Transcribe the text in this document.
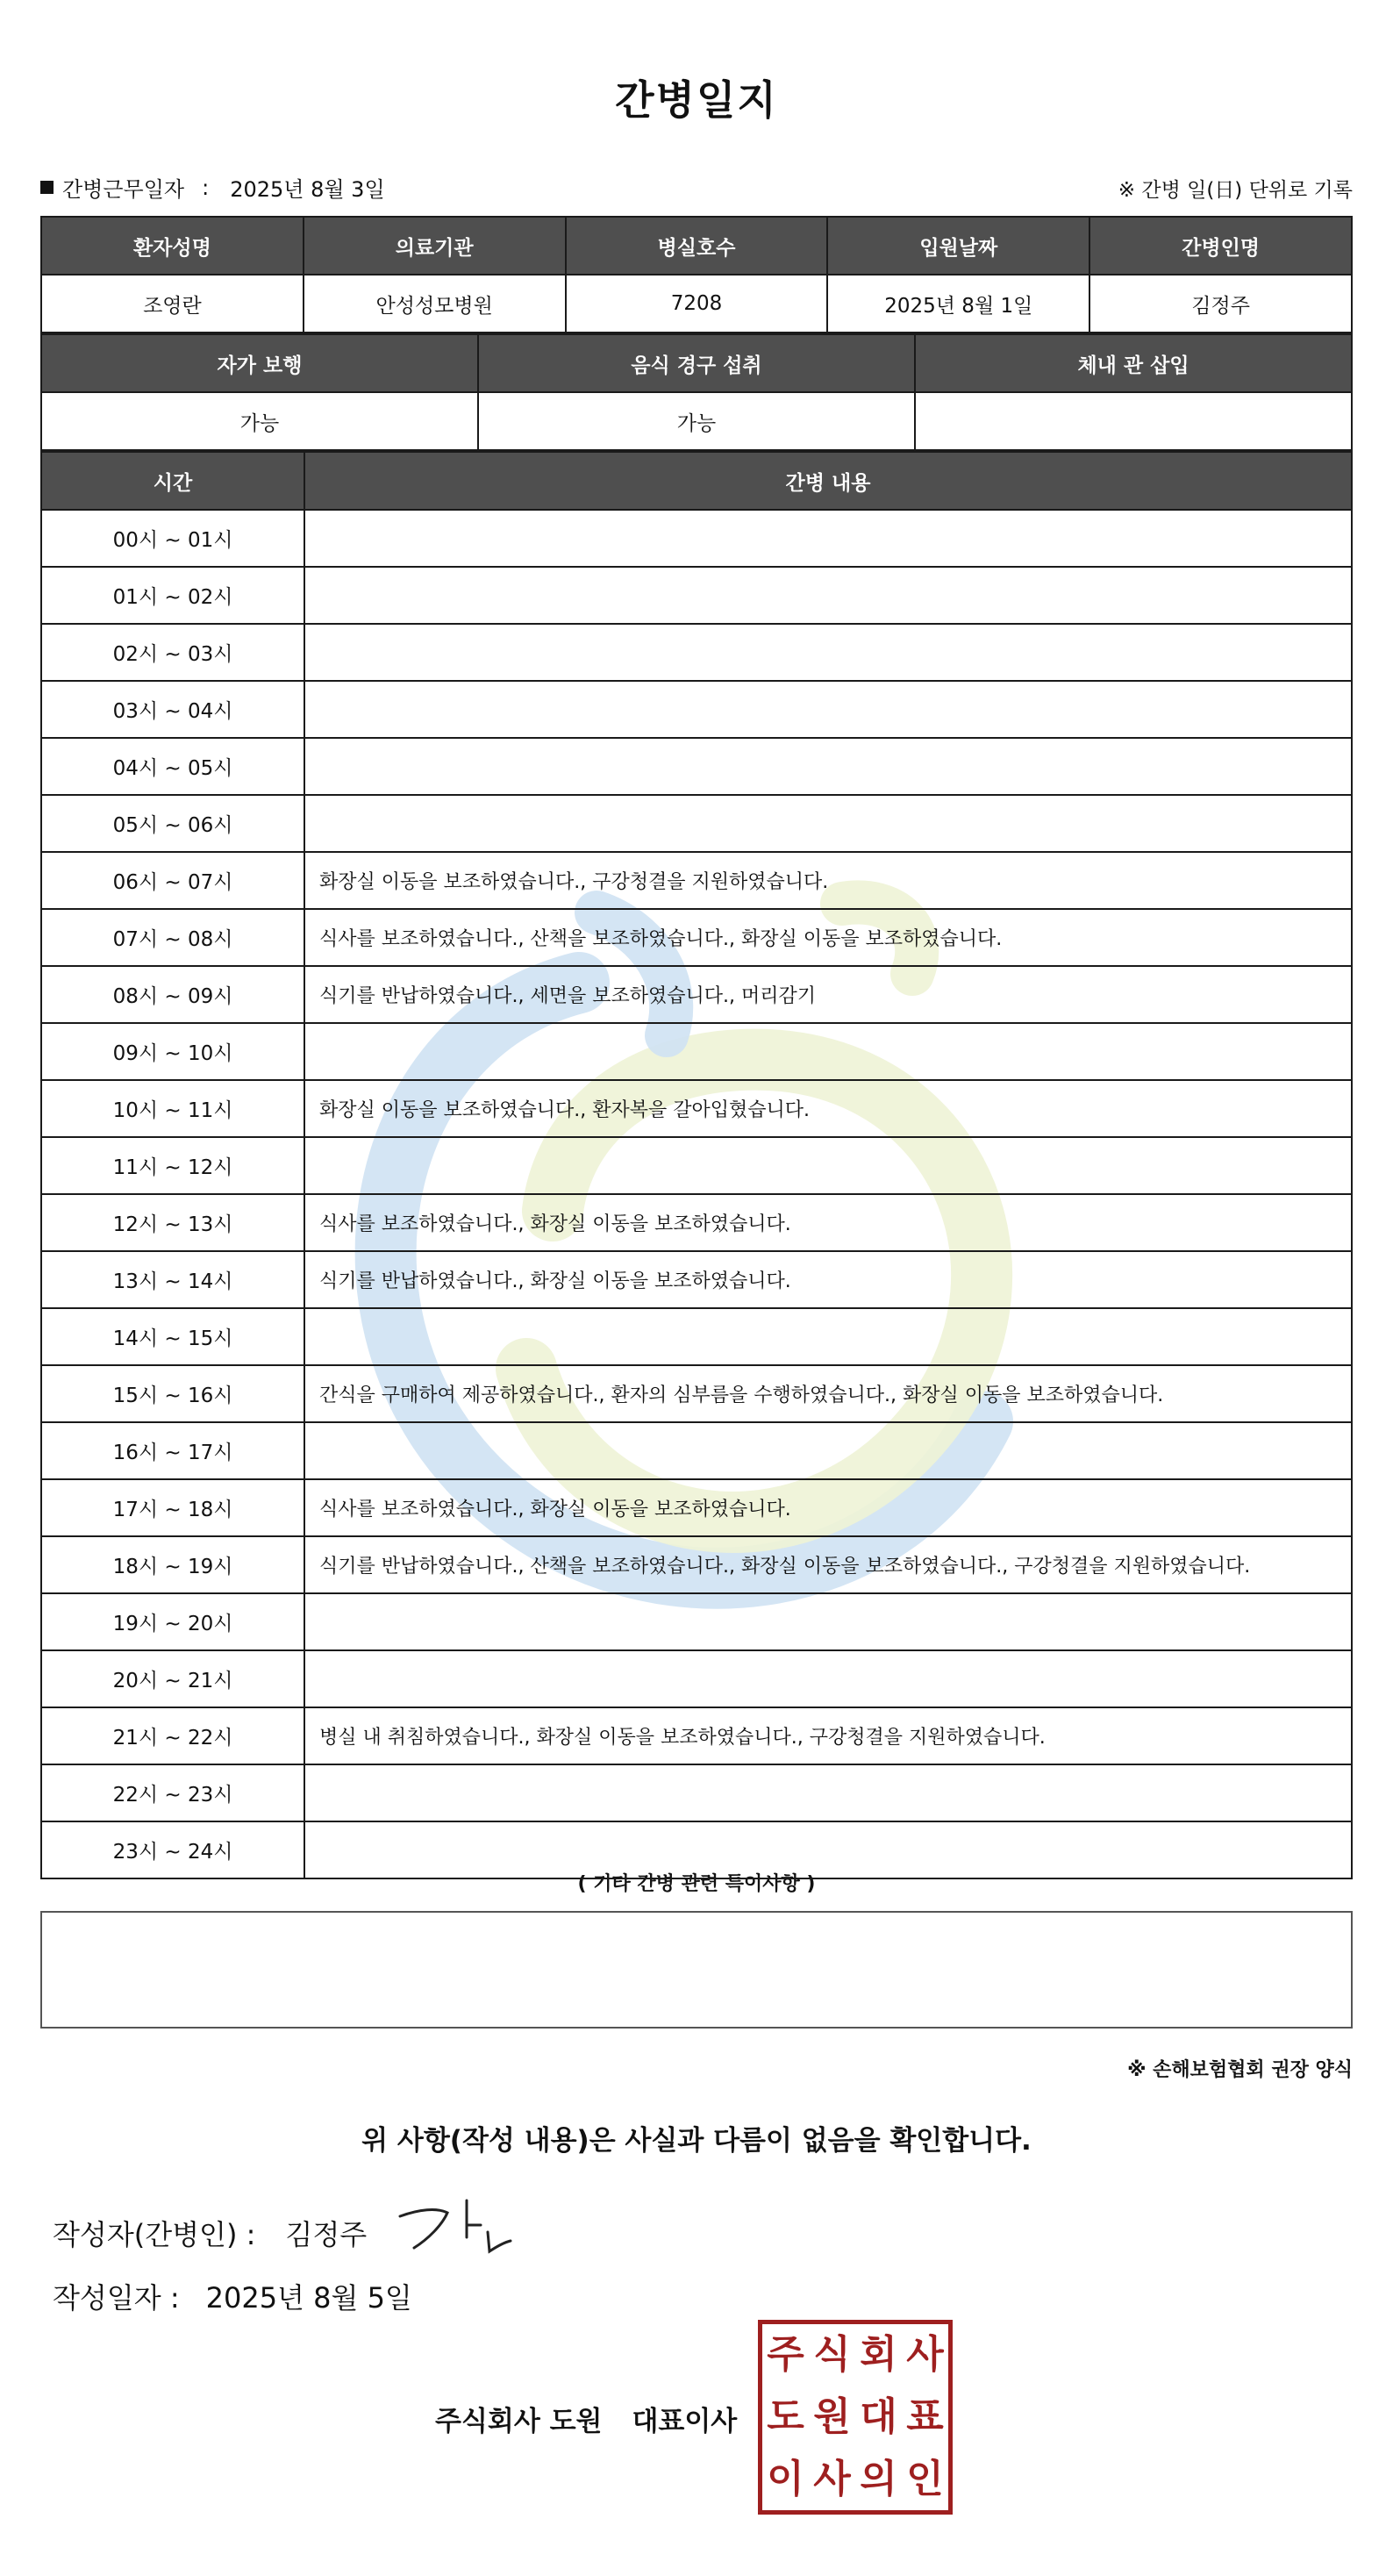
간병일지
간병근무일자 : 2025년 8월 3일	※ 간병 일(日) 단위로 기록
환자성명	의료기관	병실호수	입원날짜	간병인명
조영란	안성성모병원	7208	2025년 8월 1일	김정주
자가 보행	음식 경구 섭취	체내 관 삽입
가능	가능	
시간	간병 내용
00시 ~ 01시	
01시 ~ 02시	
02시 ~ 03시	
03시 ~ 04시	
04시 ~ 05시	
05시 ~ 06시	
06시 ~ 07시	화장실 이동을 보조하였습니다., 구강청결을 지원하였습니다.
07시 ~ 08시	식사를 보조하였습니다., 산책을 보조하였습니다., 화장실 이동을 보조하였습니다.
08시 ~ 09시	식기를 반납하였습니다., 세면을 보조하였습니다., 머리감기
09시 ~ 10시	
10시 ~ 11시	화장실 이동을 보조하였습니다., 환자복을 갈아입혔습니다.
11시 ~ 12시	
12시 ~ 13시	식사를 보조하였습니다., 화장실 이동을 보조하였습니다.
13시 ~ 14시	식기를 반납하였습니다., 화장실 이동을 보조하였습니다.
14시 ~ 15시	
15시 ~ 16시	간식을 구매하여 제공하였습니다., 환자의 심부름을 수행하였습니다., 화장실 이동을 보조하였습니다.
16시 ~ 17시	
17시 ~ 18시	식사를 보조하였습니다., 화장실 이동을 보조하였습니다.
18시 ~ 19시	식기를 반납하였습니다., 산책을 보조하였습니다., 화장실 이동을 보조하였습니다., 구강청결을 지원하였습니다.
19시 ~ 20시	
20시 ~ 21시	
21시 ~ 22시	병실 내 취침하였습니다., 화장실 이동을 보조하였습니다., 구강청결을 지원하였습니다.
22시 ~ 23시	
23시 ~ 24시	
( 기타 간병 관련 특이사항 )
※ 손해보험협회 권장 양식
위 사항(작성 내용)은 사실과 다름이 없음을 확인합니다.
작성자(간병인) : 김정주
작성일자 : 2025년 8월 5일
주식회사 도원 대표이사
주 식 회 사
도 원 대 표
이 사 의 인
